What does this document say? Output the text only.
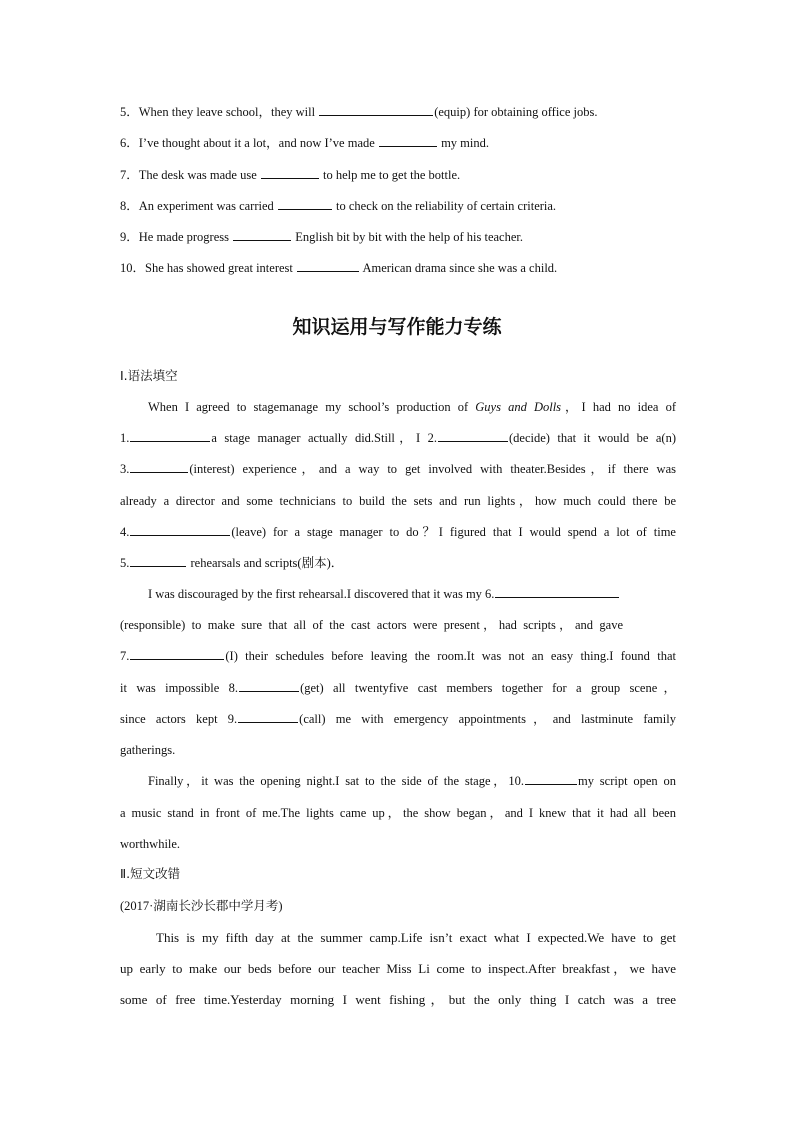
5．When they leave school，they will	(equip) for obtaining office jobs.
6．I’ve thought about it a lot，and now I’ve made	my mind.
7．The desk was made use	to help me to get the bottle.
8．An experiment was carried	to check on the reliability of certain criteria.
9．He made progress	English bit by bit with the help of his teacher.
10．She has showed great interest	American drama since she was a child.
知识运用与写作能力专练
Ⅰ.语法填空
When I agreed to stagemanage my school’s production of Guys and Dolls，I had no idea of
1.	a stage manager actually did.Still，I 2.	(decide) that it would be a(n)
3.	(interest) experience，and a way to get involved with theater.Besides，if there was
already a director and some technicians to build the sets and run lights，how much could there be
4.	(leave) for a stage manager to do？I figured that I would spend a lot of time
5.	rehearsals and scripts(剧本)．
I was discouraged by the first rehearsal.I discovered that it was my 6.
(responsible) to make sure that all of the cast actors were present，had scripts，and gave
7.	(I) their schedules before leaving the room.It was not an easy thing.I found that
it was impossible 8.	(get) all twentyfive cast members together for a group scene，
since actors kept 9.	(call) me with emergency appointments，and lastminute family
gatherings.
Finally，it was the opening night.I sat to the side of the stage，10.	my script open on
a music stand in front of me.The lights came up，the show began，and I knew that it had all been
worthwhile.
Ⅱ.短文改错
(2017·湖南长沙长郡中学月考)
This is my fifth day at the summer camp.Life isn’t exact what I expected.We have to get
up early to make our beds before our teacher Miss Li come to inspect.After breakfast，we have
some of free time.Yesterday morning I went fishing，but the only thing I catch was a tree
